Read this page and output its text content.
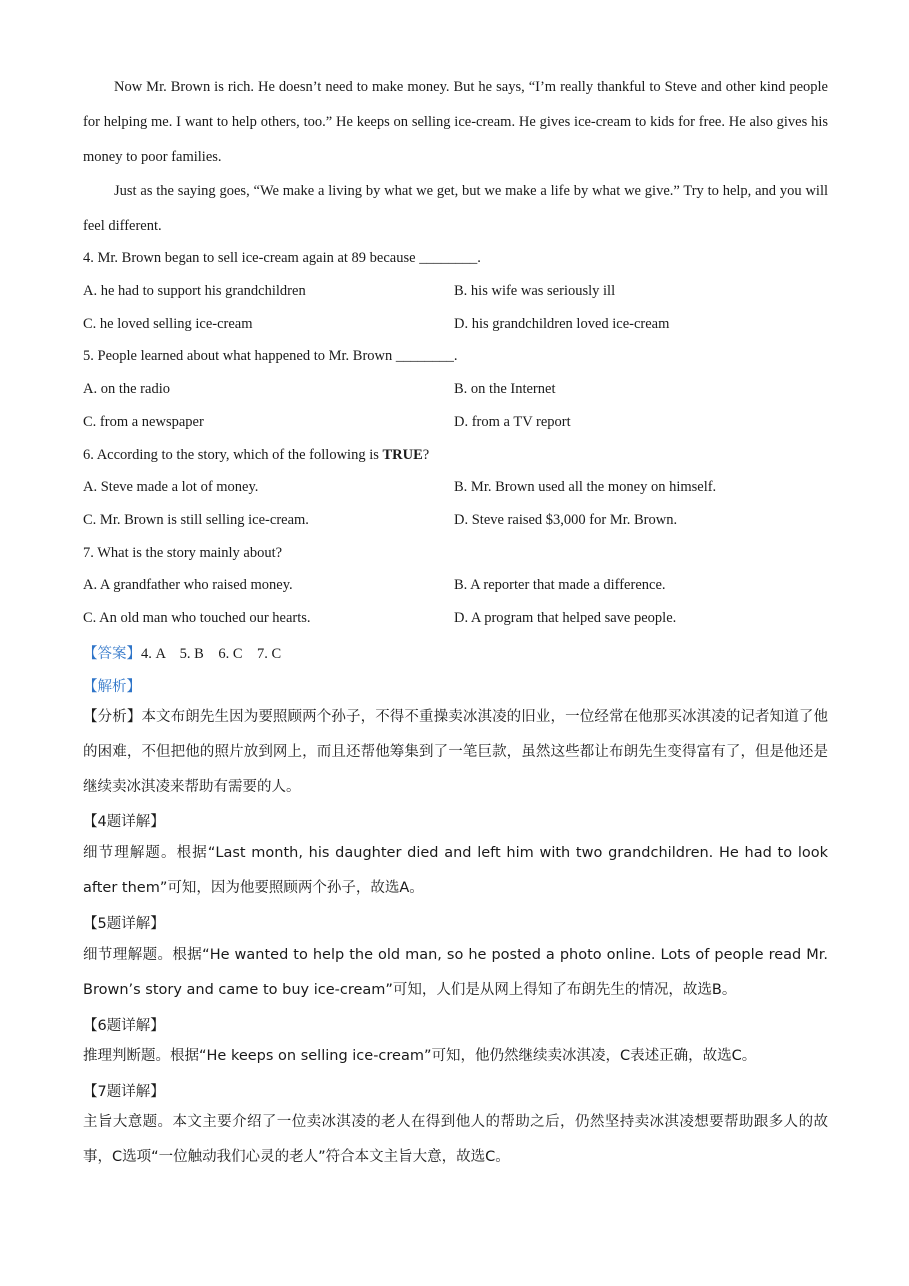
Now Mr. Brown is rich. He doesn’t need to make money. But he says, “I’m really thankful to Steve and other kind people for helping me. I want to help others, too.” He keeps on selling ice-cream. He gives ice-cream to kids for free. He also gives his money to poor families.
Just as the saying goes, “We make a living by what we get, but we make a life by what we give.” Try to help, and you will feel different.
4. Mr. Brown began to sell ice-cream again at 89 because ________.
A. he had to support his grandchildren	B. his wife was seriously ill
C. he loved selling ice-cream	D. his grandchildren loved ice-cream
5. People learned about what happened to Mr. Brown ________.
A. on the radio	B. on the Internet
C. from a newspaper	D. from a TV report
6. According to the story, which of the following is TRUE?
A. Steve made a lot of money.	B. Mr. Brown used all the money on himself.
C. Mr. Brown is still selling ice-cream.	D. Steve raised $3,000 for Mr. Brown.
7. What is the story mainly about?
A. A grandfather who raised money.	B. A reporter that made a difference.
C. An old man who touched our hearts.	D. A program that helped save people.
【答案】4. A    5. B    6. C    7. C
【解析】
【分析】本文布朗先生因为要照顾两个孙子，不得不重操卖冰淇凌的旧业，一位经常在他那买冰淇凌的记者知道了他的困难，不但把他的照片放到网上，而且还帮他筹集到了一笔巨款，虽然这些都让布朗先生变得富有了，但是他还是继续卖冰淇凌来帮助有需要的人。
【4题详解】
细节理解题。根据“Last month, his daughter died and left him with two grandchildren. He had to look after them”可知，因为他要照顾两个孙子，故选A。
【5题详解】
细节理解题。根据“He wanted to help the old man, so he posted a photo online. Lots of people read Mr. Brown’s story and came to buy ice-cream”可知，人们是从网上得知了布朗先生的情况，故选B。
【6题详解】
推理判断题。根据“He keeps on selling ice-cream”可知，他仍然继续卖冰淇凌，C表述正确，故选C。
【7题详解】
主旨大意题。本文主要介绍了一位卖冰淇凌的老人在得到他人的帮助之后，仍然坚持卖冰淇凌想要帮助跟多人的故事，C选项“一位触动我们心灵的老人”符合本文主旨大意，故选C。
